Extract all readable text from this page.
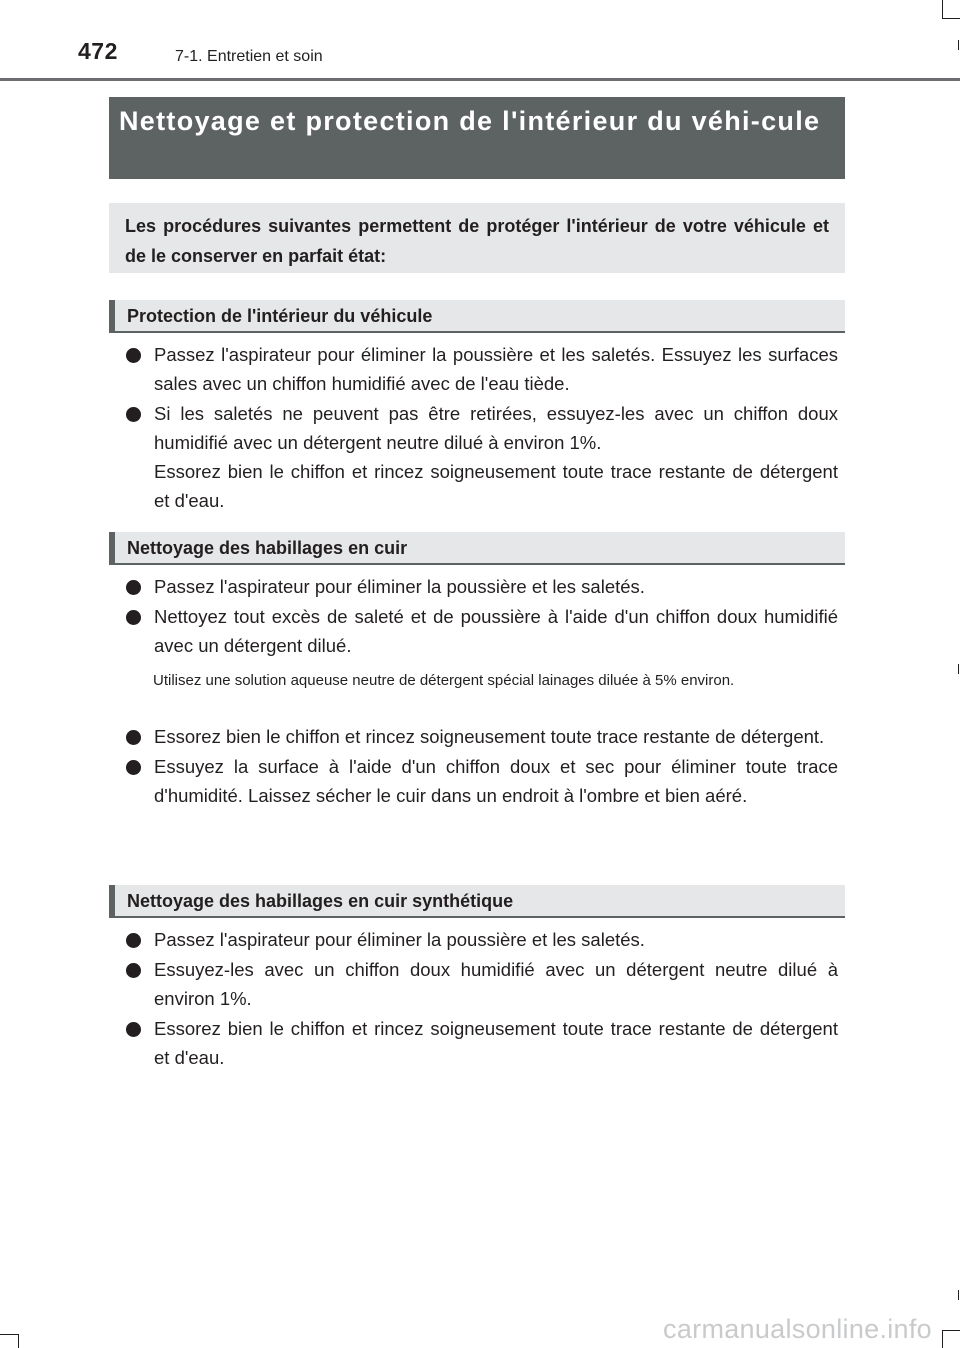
472	7-1. Entretien et soin
Nettoyage et protection de l'intérieur du véhi-cule

Les procédures suivantes permettent de protéger l'intérieur de votre véhicule et de le conserver en parfait état:

Protection de l'intérieur du véhicule
Passez l'aspirateur pour éliminer la poussière et les saletés. Essuyez les surfaces sales avec un chiffon humidifié avec de l'eau tiède.
Si les saletés ne peuvent pas être retirées, essuyez-les avec un chiffon doux humidifié avec un détergent neutre dilué à environ 1%.
Essorez bien le chiffon et rincez soigneusement toute trace restante de détergent et d'eau.
Nettoyage des habillages en cuir
Passez l'aspirateur pour éliminer la poussière et les saletés.
Nettoyez tout excès de saleté et de poussière à l'aide d'un chiffon doux humidifié avec un détergent dilué.

Utilisez une solution aqueuse neutre de détergent spécial lainages diluée à 5% environ.

Essorez bien le chiffon et rincez soigneusement toute trace restante de détergent.
Essuyez la surface à l'aide d'un chiffon doux et sec pour éliminer toute trace d'humidité. Laissez sécher le cuir dans un endroit à l'ombre et bien aéré.
Nettoyage des habillages en cuir synthétique
Passez l'aspirateur pour éliminer la poussière et les saletés.
Essuyez-les avec un chiffon doux humidifié avec un détergent neutre dilué à environ 1%.
Essorez bien le chiffon et rincez soigneusement toute trace restante de détergent et d'eau.
carmanualsonline.info
